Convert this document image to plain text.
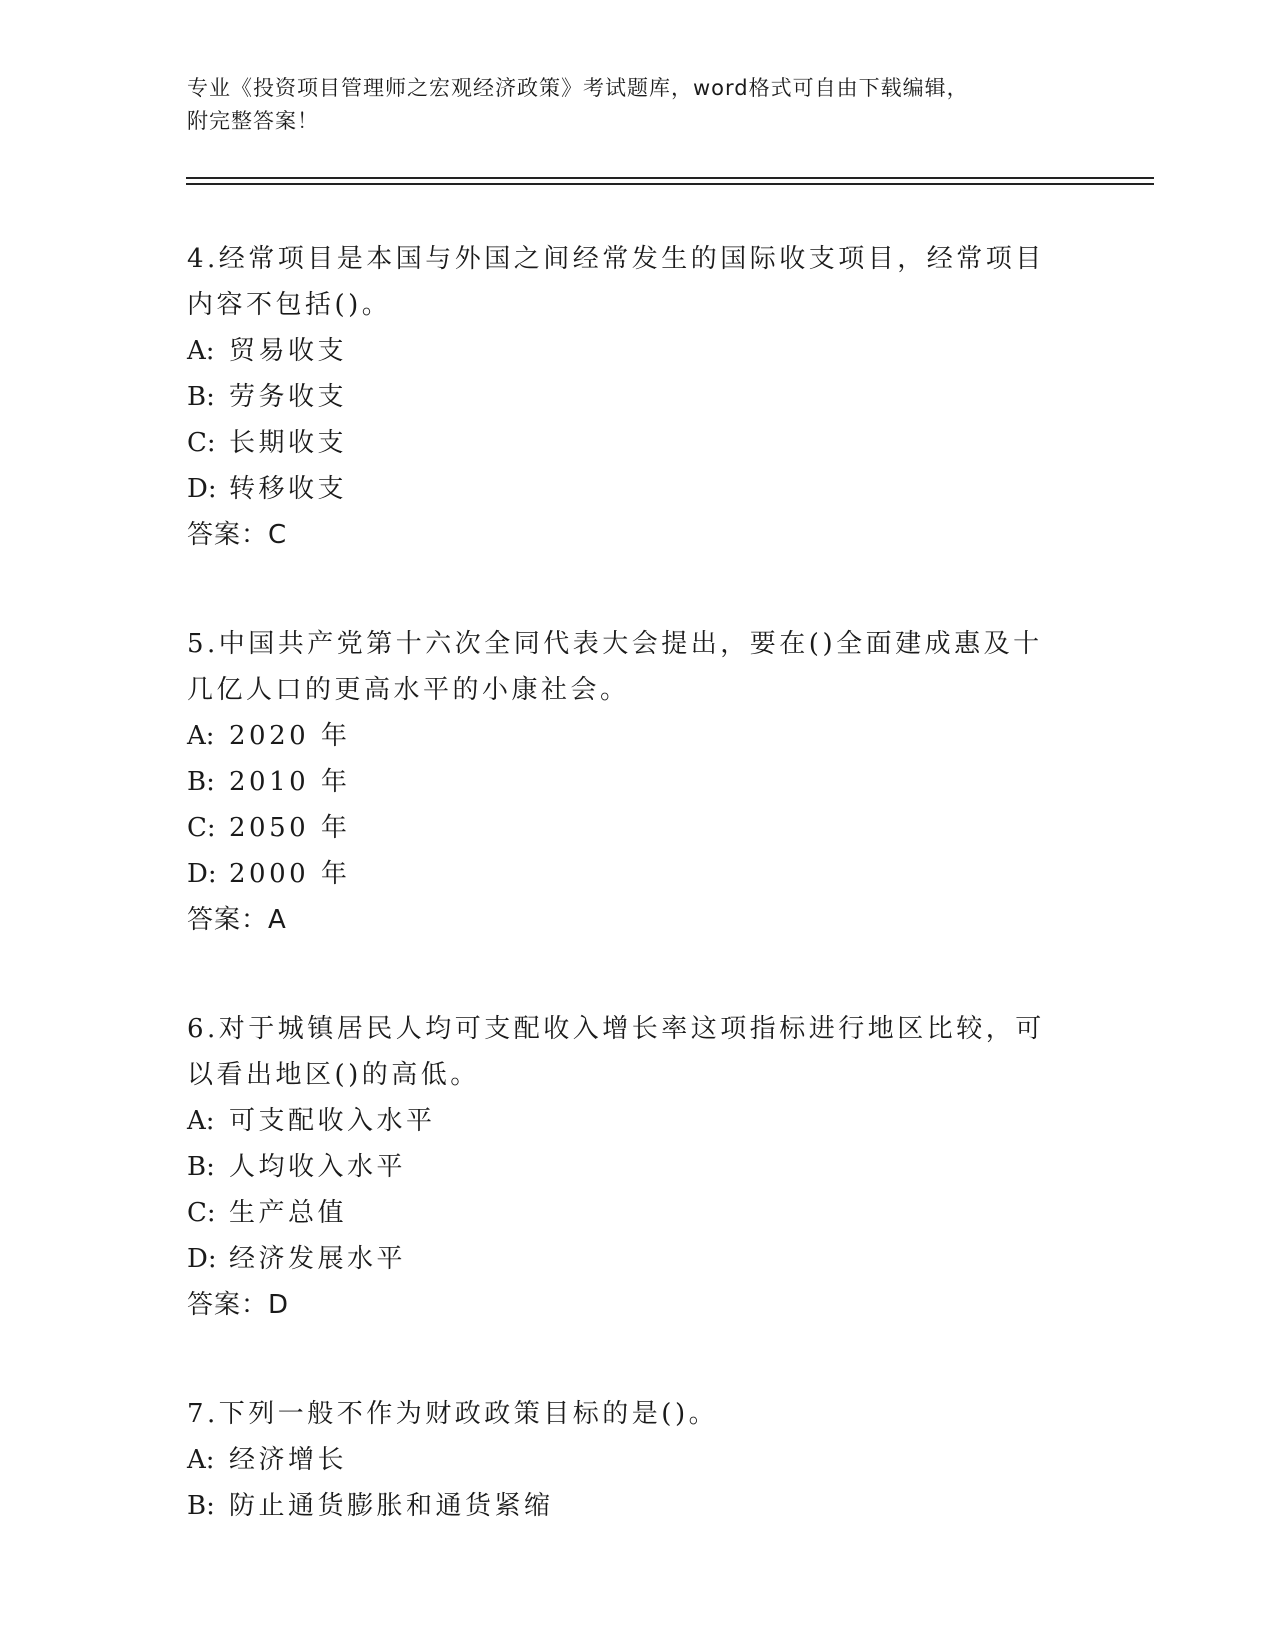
专业《投资项目管理师之宏观经济政策》考试题库，word格式可自由下载编辑，
附完整答案！
4.经常项目是本国与外国之间经常发生的国际收支项目，经常项目内容不包括()。
A: 贸易收支
B: 劳务收支
C: 长期收支
D: 转移收支
答案：C
5.中国共产党第十六次全同代表大会提出，要在()全面建成惠及十几亿人口的更高水平的小康社会。
A: 2020 年
B: 2010 年
C: 2050 年
D: 2000 年
答案：A
6.对于城镇居民人均可支配收入增长率这项指标进行地区比较，可以看出地区()的高低。
A: 可支配收入水平
B: 人均收入水平
C: 生产总值
D: 经济发展水平
答案：D
7.下列一般不作为财政政策目标的是()。
A: 经济增长
B: 防止通货膨胀和通货紧缩
